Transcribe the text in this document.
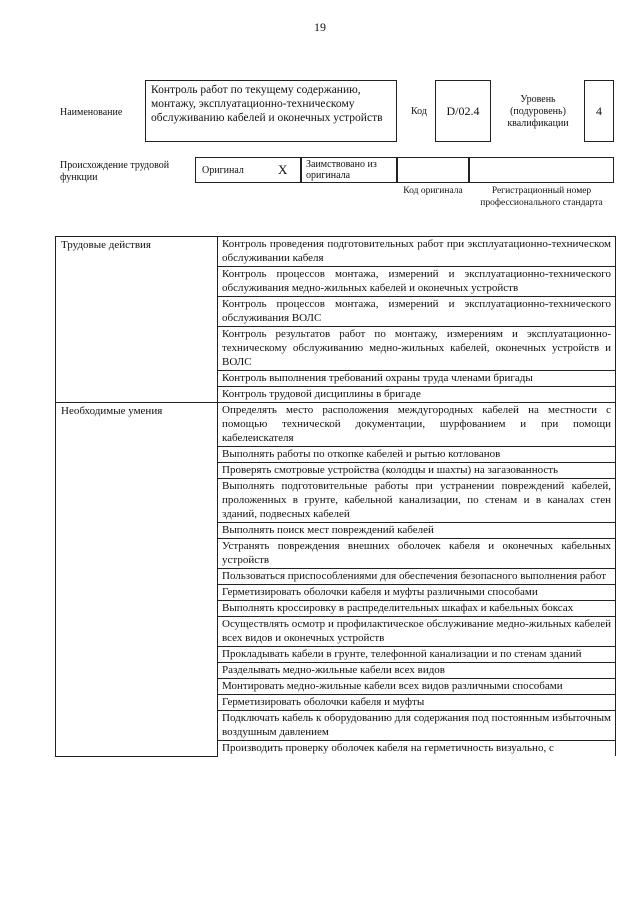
19
Наименование
Контроль работ по текущему содержанию, монтажу, эксплуатационно-техническому обслуживанию кабелей и оконечных устройств
Код	D/02.4
Уровень (подуровень) квалификации
4
Происхождение трудовой функции
Оригинал	X	Заимствовано из оригинала
Код оригинала	Регистрационный номер профессионального стандарта
Трудовые действия	Контроль проведения подготовительных работ при эксплуатационно-техническом обслуживании кабеля
	Контроль процессов монтажа, измерений и эксплуатационно-технического обслуживания медно-жильных кабелей и оконечных устройств
	Контроль процессов монтажа, измерений и эксплуатационно-технического обслуживания ВОЛС
	Контроль результатов работ по монтажу, измерениям и эксплуатационно-техническому обслуживанию медно-жильных кабелей, оконечных устройств и ВОЛС
	Контроль выполнения требований охраны труда членами бригады
	Контроль трудовой дисциплины в бригаде
Необходимые умения	Определять место расположения междугородных кабелей на местности с помощью технической документации, шурфованием и при помощи кабелеискателя
	Выполнять работы по откопке кабелей и рытью котлованов
	Проверять смотровые устройства (колодцы и шахты) на загазованность
	Выполнять подготовительные работы при устранении повреждений кабелей, проложенных в грунте, кабельной канализации, по стенам и в каналах стен зданий, подвесных кабелей
	Выполнять поиск мест повреждений кабелей
	Устранять повреждения внешних оболочек кабеля и оконечных кабельных устройств
	Пользоваться приспособлениями для обеспечения безопасного выполнения работ
	Герметизировать оболочки кабеля и муфты различными способами
	Выполнять кроссировку в распределительных шкафах и кабельных боксах
	Осуществлять осмотр и профилактическое обслуживание медно-жильных кабелей всех видов и оконечных устройств
	Прокладывать кабели в грунте, телефонной канализации и по стенам зданий
	Разделывать медно-жильные кабели всех видов
	Монтировать медно-жильные кабели всех видов различными способами
	Герметизировать оболочки кабеля и муфты
	Подключать кабель к оборудованию для содержания под постоянным избыточным воздушным давлением
	Производить проверку оболочек кабеля на герметичность визуально, с
